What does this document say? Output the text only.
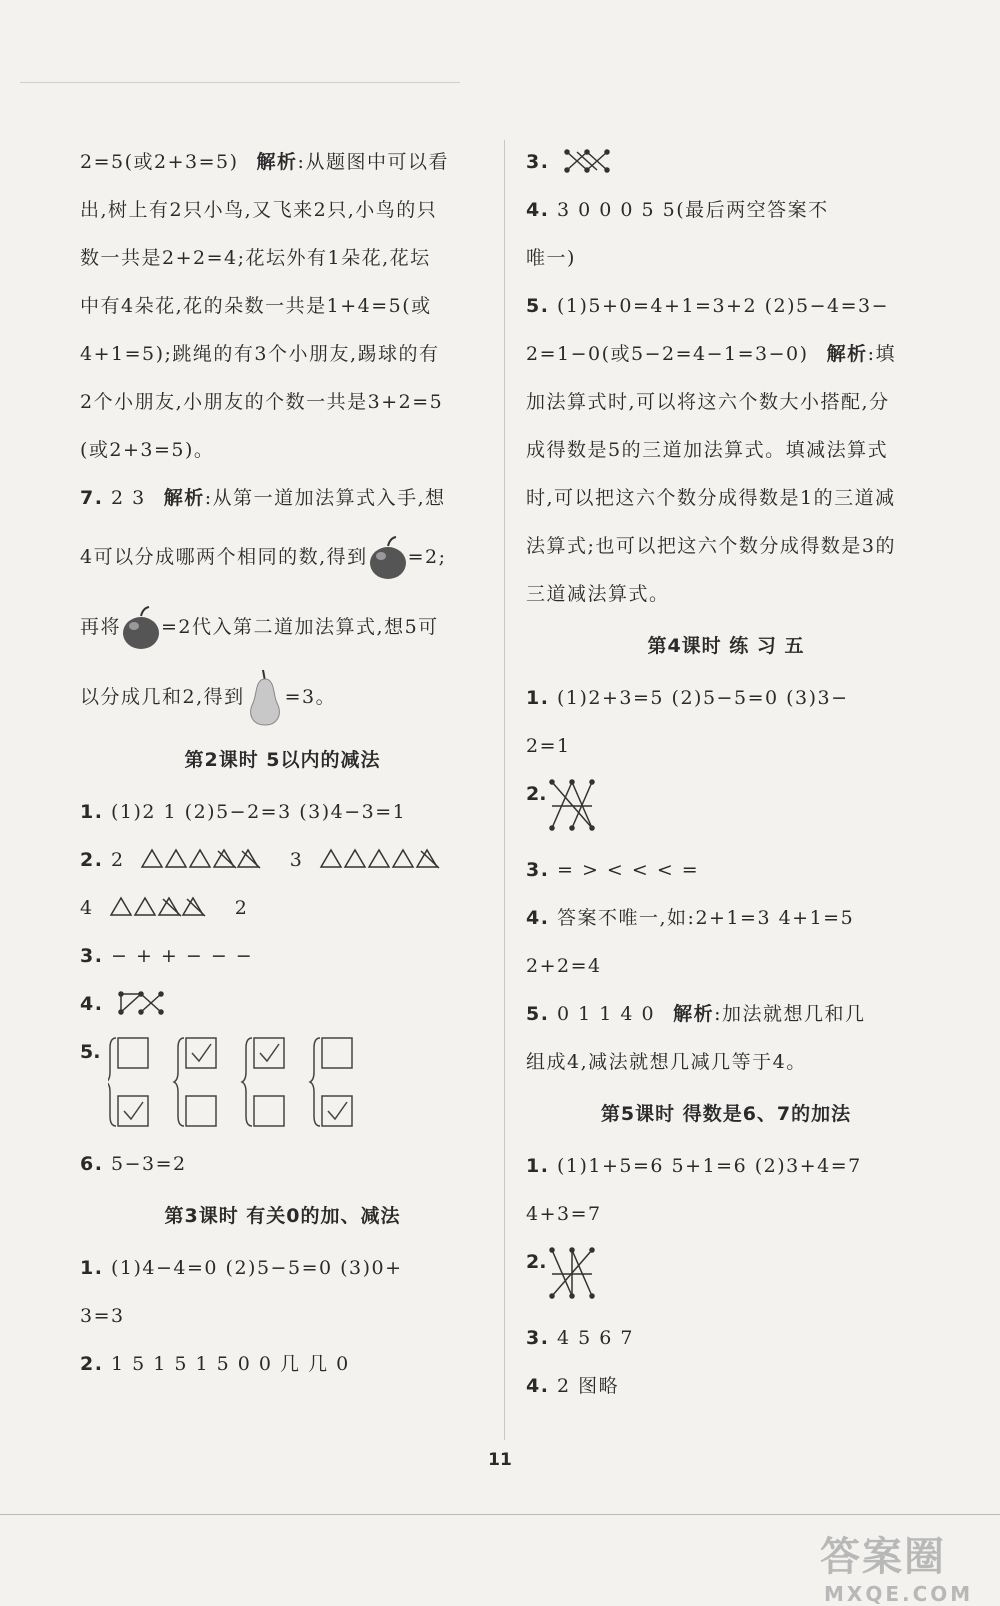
2=5(或2+3=5) 解析:从题图中可以看
出,树上有2只小鸟,又飞来2只,小鸟的只
数一共是2+2=4;花坛外有1朵花,花坛
中有4朵花,花的朵数一共是1+4=5(或
4+1=5);跳绳的有3个小朋友,踢球的有
2个小朋友,小朋友的个数一共是3+2=5
(或2+3=5)。
7. 2 3 解析:从第一道加法算式入手,想
4可以分成哪两个相同的数,得到 =2;
再将 =2代入第二道加法算式,想5可
以分成几和2,得到 =3。
第2课时 5以内的减法
1. (1)2 1 (2)5−2=3 (3)4−3=1
2. 2	3
4	2
3. − + + − − −
4.
5.
6. 5−3=2
第3课时 有关0的加、减法
1. (1)4−4=0 (2)5−5=0 (3)0+
3=3
2. 1 5 1 5 1 5 0 0 几 几 0
3.
4. 3 0 0 0 5 5(最后两空答案不
唯一)
5. (1)5+0=4+1=3+2 (2)5−4=3−
2=1−0(或5−2=4−1=3−0) 解析:填
加法算式时,可以将这六个数大小搭配,分
成得数是5的三道加法算式。填减法算式
时,可以把这六个数分成得数是1的三道减
法算式;也可以把这六个数分成得数是3的
三道减法算式。
第4课时 练 习 五
1. (1)2+3=5 (2)5−5=0 (3)3−
2=1
2.
3. = > < < < =
4. 答案不唯一,如:2+1=3 4+1=5
2+2=4
5. 0 1 1 4 0 解析:加法就想几和几
组成4,减法就想几减几等于4。
第5课时 得数是6、7的加法
1. (1)1+5=6 5+1=6 (2)3+4=7
4+3=7
2.
3. 4 5 6 7
4. 2 图略
11
答案圈
MXQE.COM
